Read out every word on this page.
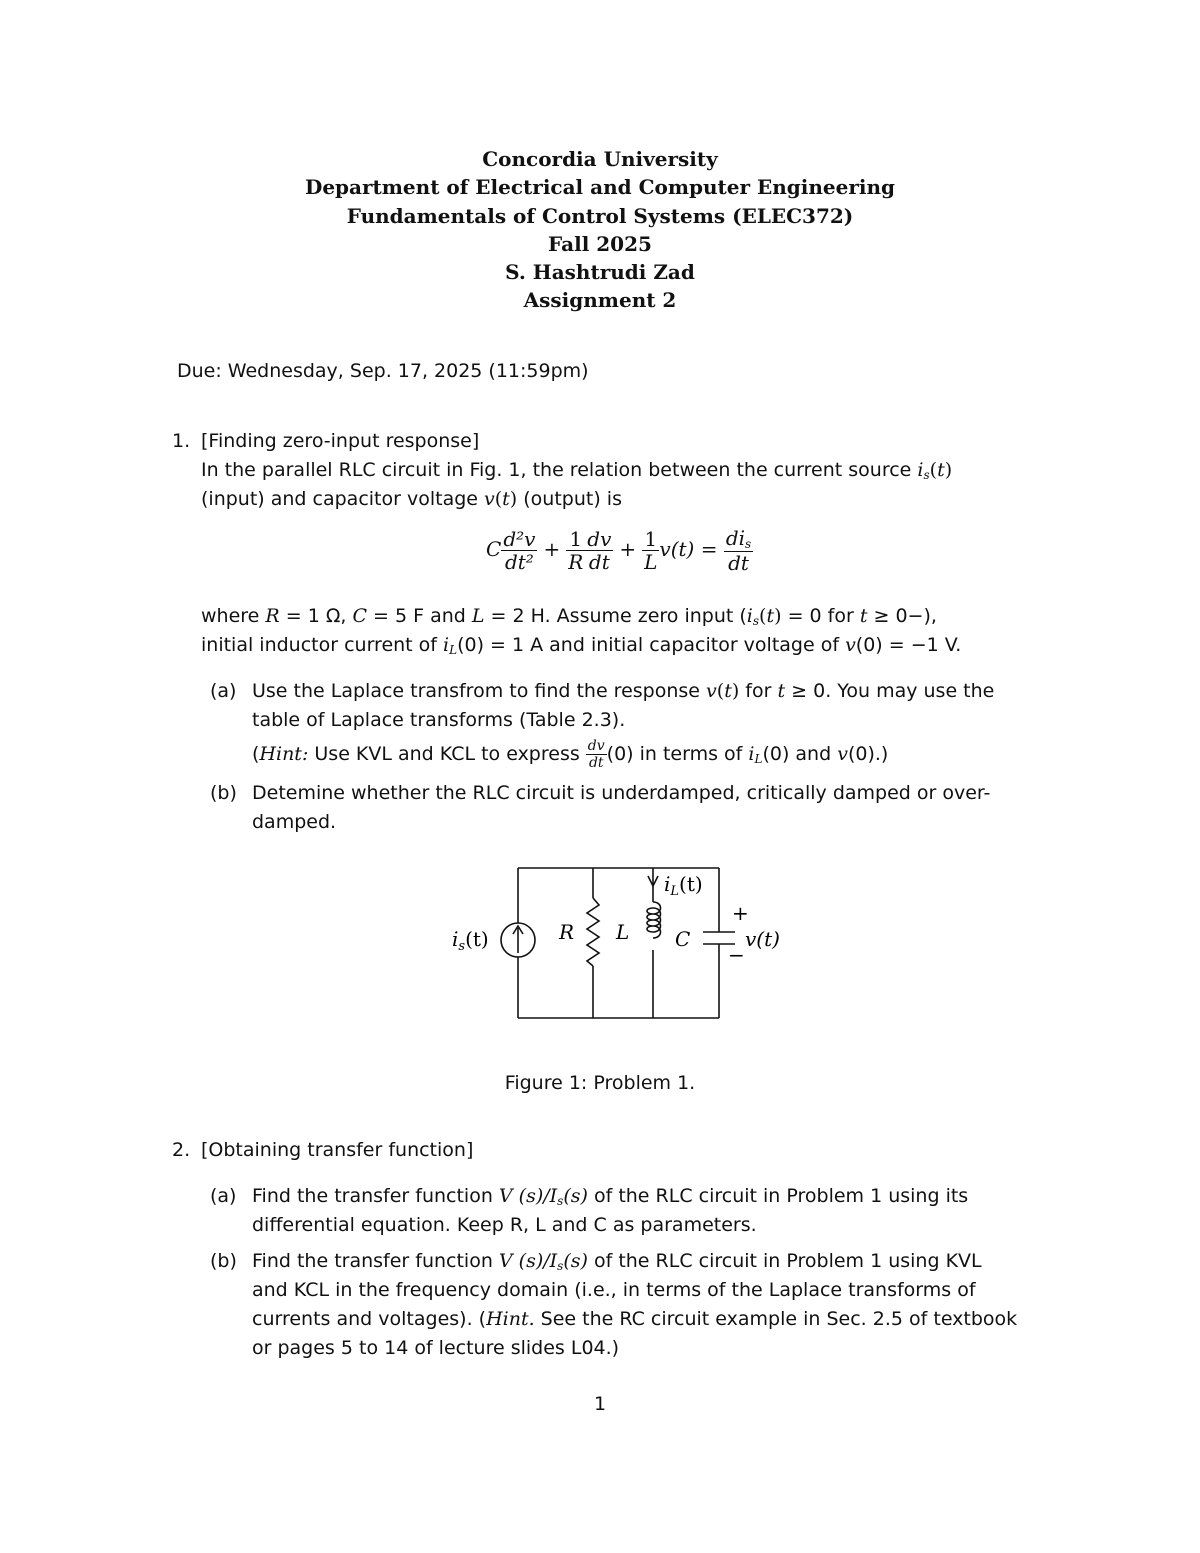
Concordia University
Department of Electrical and Computer Engineering
Fundamentals of Control Systems (ELEC372)
Fall 2025
S. Hashtrudi Zad
Assignment 2
Due: Wednesday, Sep. 17, 2025 (11:59pm)
1. [Finding zero-input response]
In the parallel RLC circuit in Fig. 1, the relation between the current source $i_s(t)$
(input) and capacitor voltage v(t) (output) is
C $\frac{\text{d²v}}{\text{dt²}} + \frac{1}{R} \frac{dv}{dt} + \frac{1}{L} v(t) = \frac{di_s}{dt}$
where R = 1 Ω, C = 5 F and L = 2 H. Assume zero input ($i_s(t) = 0$ for t ≥ 0−),
initial inductor current of $i_L(0) = 1$ A and initial capacitor voltage of v(0) = −1 V.
(a) Use the Laplace transfrom to find the response v(t) for t ≥ 0. You may use the
table of Laplace transforms (Table 2.3).
(Hint: Use KVL and KCL to express $\frac{dv}{dt} (0)$ in terms of $i_L(0)$ and v(0).)
(b) Detemine whether the RLC circuit is underdamped, critically damped or over-
damped.
$i_s(t)$	R L C
$i_L(t)$
+
−
v(t)
Figure 1: Problem 1.
2. [Obtaining transfer function]
(a) Find the transfer function V $(s)/I_s(s)$ of the RLC circuit in Problem 1 using its
differential equation. Keep R, L and C as parameters.
(b) Find the transfer function V $(s)/I_s(s)$ of the RLC circuit in Problem 1 using KVL
and KCL in the frequency domain (i.e., in terms of the Laplace transforms of
currents and voltages). (Hint. See the RC circuit example in Sec. 2.5 of textbook
or pages 5 to 14 of lecture slides L04.)
1
